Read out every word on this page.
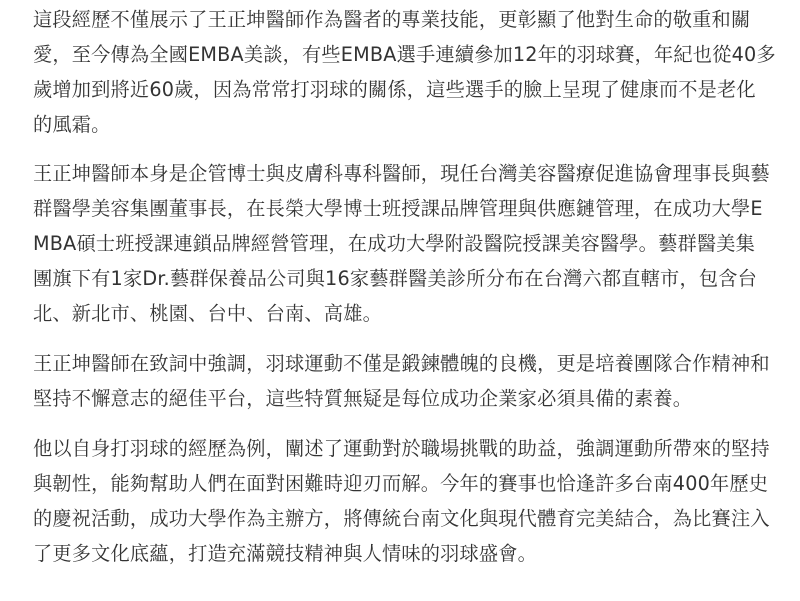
這段經歷不僅展示了王正坤醫師作為醫者的專業技能，更彰顯了他對生命的敬重和關
愛，至今傳為全國EMBA美談，有些EMBA選手連續參加12年的羽球賽，年紀也從40多
歲增加到將近60歲，因為常常打羽球的關係，這些選手的臉上呈現了健康而不是老化
的風霜。
王正坤醫師本身是企管博士與皮膚科專科醫師，現任台灣美容醫療促進協會理事長與藝
群醫學美容集團董事長，在長榮大學博士班授課品牌管理與供應鏈管理，在成功大學E
MBA碩士班授課連鎖品牌經營管理，在成功大學附設醫院授課美容醫學。藝群醫美集
團旗下有1家Dr.藝群保養品公司與16家藝群醫美診所分布在台灣六都直轄市，包含台
北、新北市、桃園、台中、台南、高雄。
王正坤醫師在致詞中強調，羽球運動不僅是鍛鍊體魄的良機，更是培養團隊合作精神和
堅持不懈意志的絕佳平台，這些特質無疑是每位成功企業家必須具備的素養。
他以自身打羽球的經歷為例，闡述了運動對於職場挑戰的助益，強調運動所帶來的堅持
與韌性，能夠幫助人們在面對困難時迎刃而解。今年的賽事也恰逢許多台南400年歷史
的慶祝活動，成功大學作為主辦方，將傳統台南文化與現代體育完美結合，為比賽注入
了更多文化底蘊，打造充滿競技精神與人情味的羽球盛會。
